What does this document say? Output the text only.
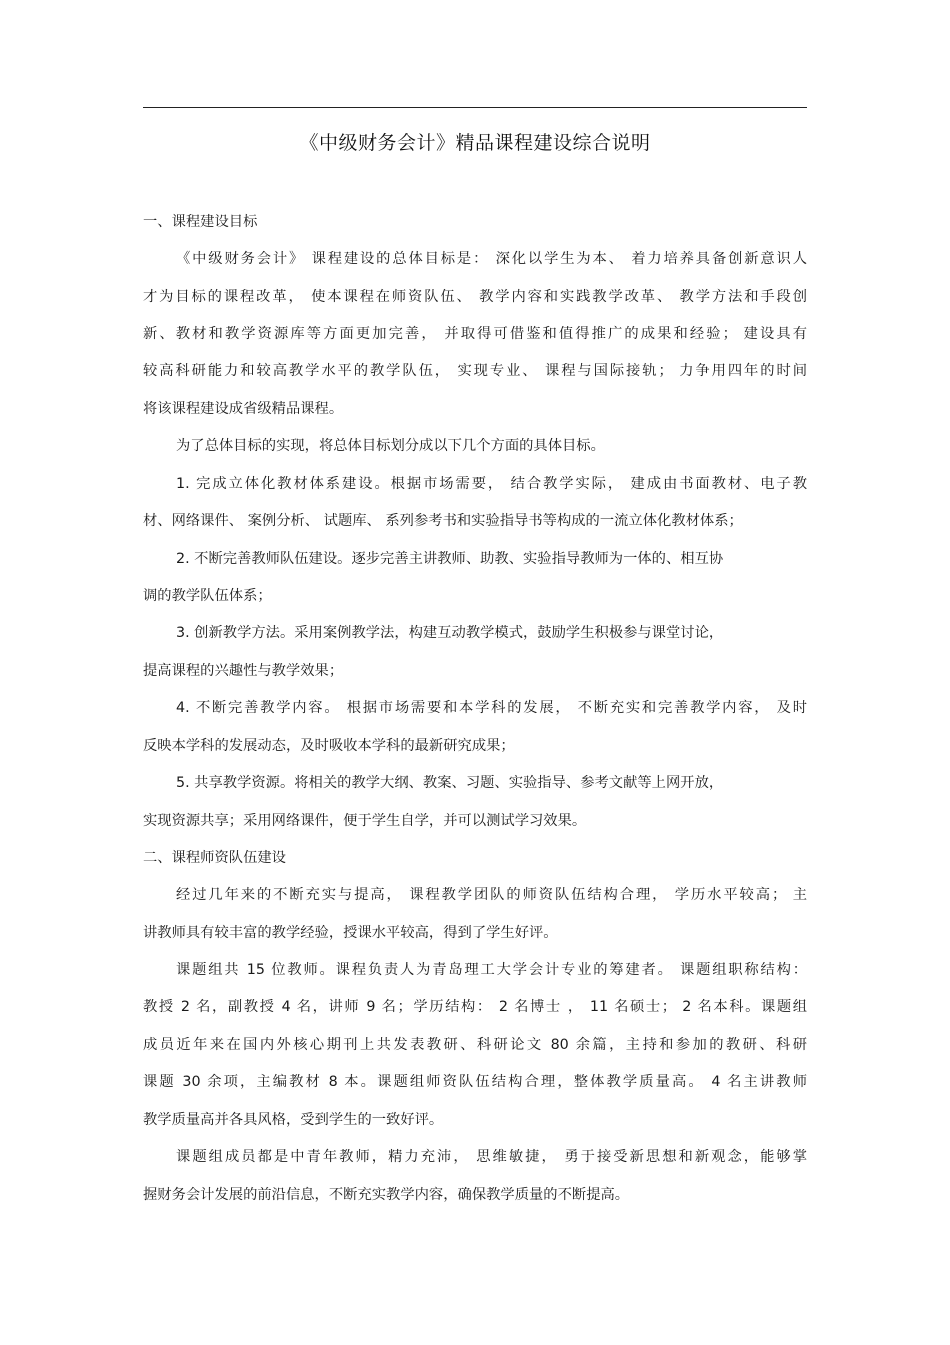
《中级财务会计》精品课程建设综合说明
一、课程建设目标
《中级财务会计》 课程建设的总体目标是： 深化以学生为本、 着力培养具备创新意识人
才为目标的课程改革， 使本课程在师资队伍、 教学内容和实践教学改革、 教学方法和手段创
新、教材和教学资源库等方面更加完善， 并取得可借鉴和值得推广的成果和经验； 建设具有
较高科研能力和较高教学水平的教学队伍， 实现专业、 课程与国际接轨； 力争用四年的时间
将该课程建设成省级精品课程。
为了总体目标的实现，将总体目标划分成以下几个方面的具体目标。
1. 完成立体化教材体系建设。根据市场需要， 结合教学实际， 建成由书面教材、电子教
材、网络课件、 案例分析、 试题库、 系列参考书和实验指导书等构成的一流立体化教材体系；
2. 不断完善教师队伍建设。逐步完善主讲教师、助教、实验指导教师为一体的、相互协
调的教学队伍体系；
3. 创新教学方法。采用案例教学法，构建互动教学模式，鼓励学生积极参与课堂讨论，
提高课程的兴趣性与教学效果；
4. 不断完善教学内容。 根据市场需要和本学科的发展， 不断充实和完善教学内容， 及时
反映本学科的发展动态，及时吸收本学科的最新研究成果；
5. 共享教学资源。将相关的教学大纲、教案、习题、实验指导、参考文献等上网开放，
实现资源共享；采用网络课件，便于学生自学，并可以测试学习效果。
二、课程师资队伍建设
经过几年来的不断充实与提高， 课程教学团队的师资队伍结构合理， 学历水平较高； 主
讲教师具有较丰富的教学经验，授课水平较高，得到了学生好评。
课题组共 15 位教师。课程负责人为青岛理工大学会计专业的筹建者。 课题组职称结构：
教授 2 名，副教授 4 名，讲师 9 名；学历结构： 2 名博士 ， 11 名硕士； 2 名本科。课题组
成员近年来在国内外核心期刊上共发表教研、科研论文 80 余篇，主持和参加的教研、科研
课题 30 余项，主编教材 8 本。课题组师资队伍结构合理，整体教学质量高。 4 名主讲教师
教学质量高并各具风格，受到学生的一致好评。
课题组成员都是中青年教师，精力充沛， 思维敏捷， 勇于接受新思想和新观念，能够掌
握财务会计发展的前沿信息，不断充实教学内容，确保教学质量的不断提高。
